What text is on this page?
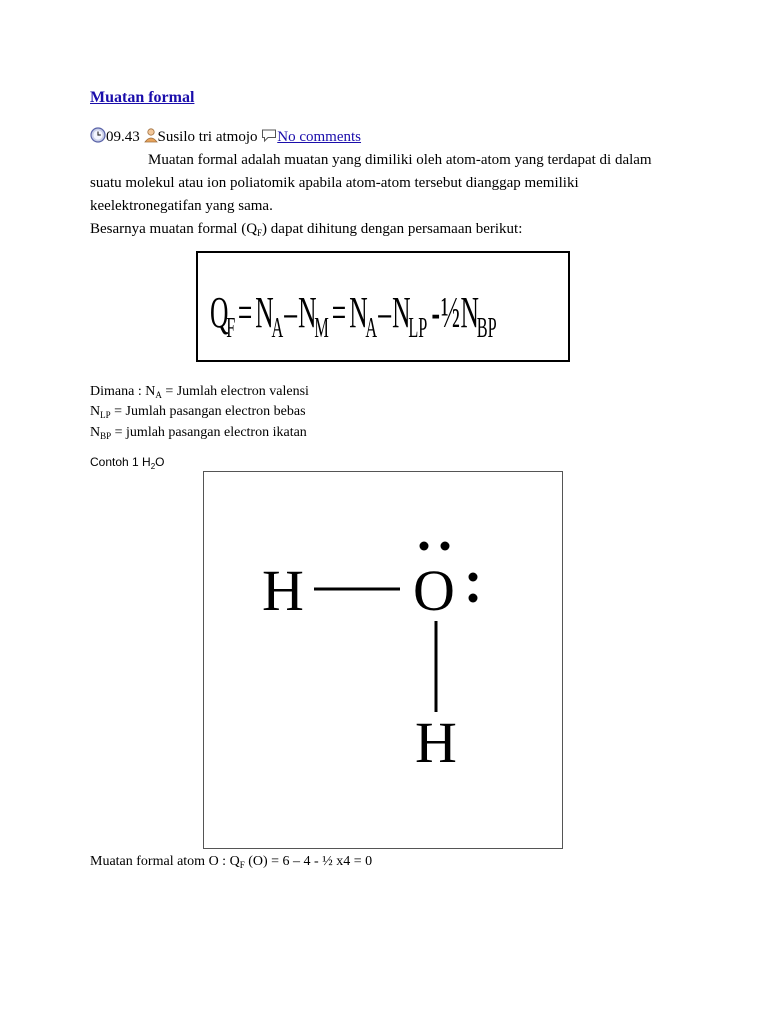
Muatan formal
09.43 Susilo tri atmojo No comments
Muatan formal adalah muatan yang dimiliki oleh atom-atom yang terdapat di dalam
suatu molekul atau ion poliatomik apabila atom-atom tersebut dianggap memiliki
keelektronegatifan yang sama.
Besarnya muatan formal $(Q_F)$ dapat dihitung dengan persamaan berikut:
Q
F = N
A – N
M = N
A – N
LP - ½ N
BP
Dimana : $N_A$ = Jumlah electron valensi
$N_{LP}$ = Jumlah pasangan electron bebas
$N_{BP}$ = jumlah pasangan electron ikatan
Contoh 1 $H_2O$
H O
H
Muatan formal atom O : $Q_F$ (O) = 6 – 4 - ½ x4 = 0
